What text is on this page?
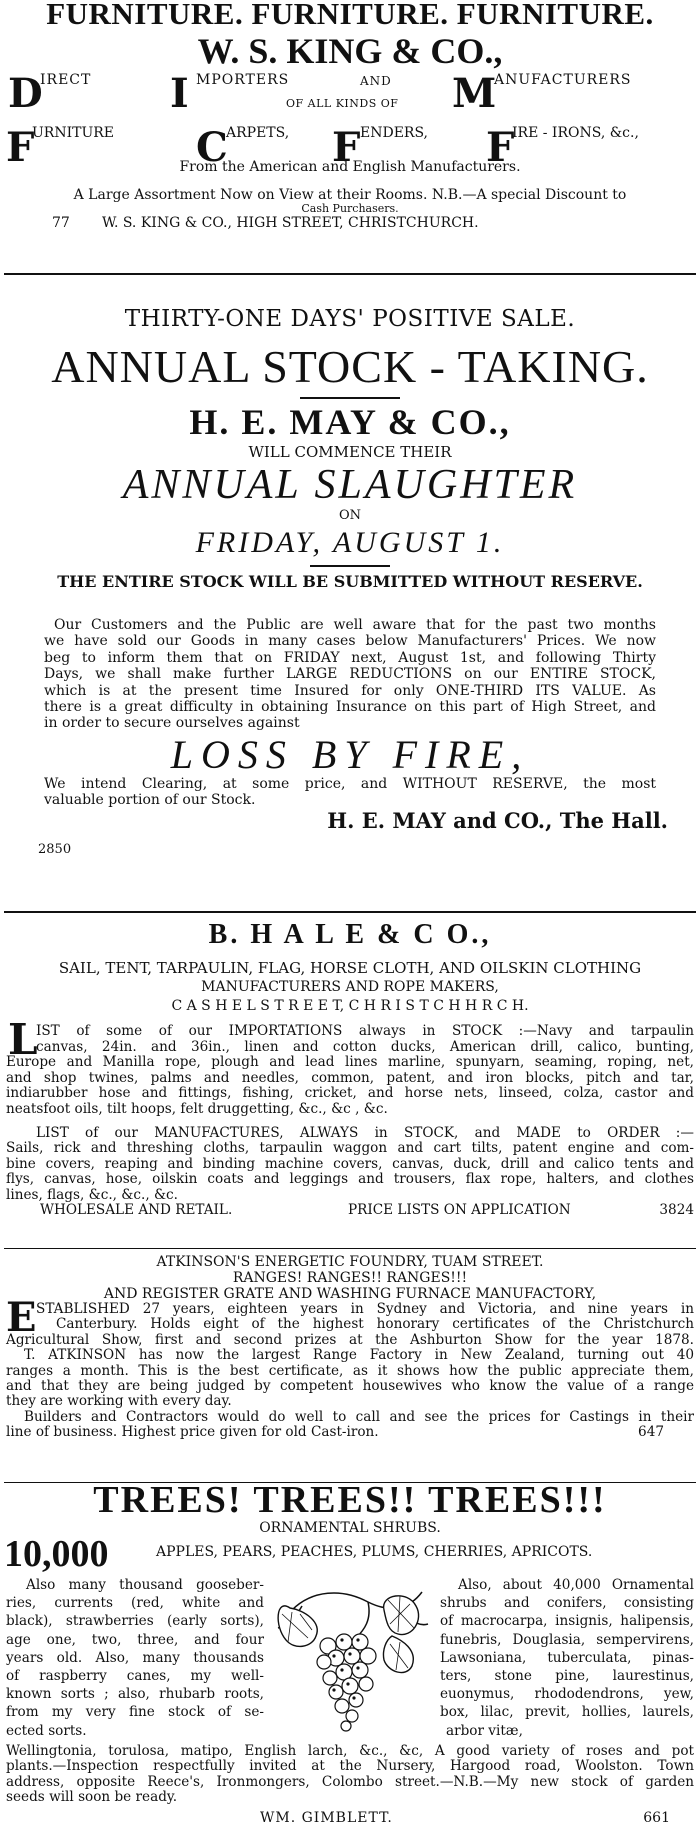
FURNITURE. FURNITURE. FURNITURE.
W. S. KING & CO.,
D
IRECT I MPORTERS	AND M
ANUFACTURERS
OF ALL KINDS OF
F
URNITURE C
ARPETS, F ENDERS, F
IRE - IRONS, &c.,
From the American and English Manufacturers.
A Large Assortment Now on View at their Rooms. N.B.—A special Discount to
Cash Purchasers.
77 W. S. KING & CO., HIGH STREET, CHRISTCHURCH.
THIRTY-ONE DAYS' POSITIVE SALE.
ANNUAL STOCK - TAKING.
H. E. MAY & CO.,
WILL COMMENCE THEIR
ANNUAL SLAUGHTER
ON
FRIDAY, AUGUST 1.
THE ENTIRE STOCK WILL BE SUBMITTED WITHOUT RESERVE.
Our Customers and the Public are well aware that for the past two months
we have sold our Goods in many cases below Manufacturers' Prices. We now
beg to inform them that on FRIDAY next, August 1st, and following Thirty
Days, we shall make further LARGE REDUCTIONS on our ENTIRE STOCK,
which is at the present time Insured for only ONE-THIRD ITS VALUE. As
there is a great difficulty in obtaining Insurance on this part of High Street, and
in order to secure ourselves against
LOSS BY FIRE,
We intend Clearing, at some price, and WITHOUT RESERVE, the most
valuable portion of our Stock.
H. E. MAY and CO., The Hall.
2850
B. H A L E & C O.,
SAIL, TENT, TARPAULIN, FLAG, HORSE CLOTH, AND OILSKIN CLOTHING
MANUFACTURERS AND ROPE MAKERS,
C A S H E L S T R E E T, C H R I S T C H H R C H.
L
IST of some of our IMPORTATIONS always in STOCK :—Navy and tarpaulin
canvas, 24in. and 36in., linen and cotton ducks, American drill, calico, bunting,
Europe and Manilla rope, plough and lead lines marline, spunyarn, seaming, roping, net,
and shop twines, palms and needles, common, patent, and iron blocks, pitch and tar,
indiarubber hose and fittings, fishing, cricket, and horse nets, linseed, colza, castor and
neatsfoot oils, tilt hoops, felt druggetting, &c., &c , &c.
LIST of our MANUFACTURES, ALWAYS in STOCK, and MADE to ORDER :—
Sails, rick and threshing cloths, tarpaulin waggon and cart tilts, patent engine and com-
bine covers, reaping and binding machine covers, canvas, duck, drill and calico tents and
flys, canvas, hose, oilskin coats and leggings and trousers, flax rope, halters, and clothes
lines, flags, &c., &c., &c.
WHOLESALE AND RETAIL.	PRICE LISTS ON APPLICATION	3824
ATKINSON'S ENERGETIC FOUNDRY, TUAM STREET.
RANGES! RANGES!! RANGES!!!
AND REGISTER GRATE AND WASHING FURNACE MANUFACTORY,
E STABLISHED 27 years, eighteen years in Sydney and Victoria, and nine years in
Canterbury. Holds eight of the highest honorary certificates of the Christchurch
Agricultural Show, first and second prizes at the Ashburton Show for the year 1878.
T. ATKINSON has now the largest Range Factory in New Zealand, turning out 40
ranges a month. This is the best certificate, as it shows how the public appreciate them,
and that they are being judged by competent housewives who know the value of a range
they are working with every day.
Builders and Contractors would do well to call and see the prices for Castings in their
line of business. Highest price given for old Cast-iron.	647
TREES! TREES!! TREES!!!
ORNAMENTAL SHRUBS.
10,000	APPLES, PEARS, PEACHES, PLUMS, CHERRIES, APRICOTS.
Also many thousand gooseber-
ries, currents (red, white and
black), strawberries (early sorts),
age one, two, three, and four
years old. Also, many thousands
of raspberry canes, my well-
known sorts ; also, rhubarb roots,
from my very fine stock of se-
ected sorts.
Also, about 40,000 Ornamental
shrubs and conifers, consisting
of macrocarpa, insignis, halipensis,
funebris, Douglasia, sempervirens,
Lawsoniana, tuberculata, pinas-
ters, stone pine, laurestinus,
euonymus, rhododendrons, yew,
box, lilac, previt, hollies, laurels,
arbor vitæ,
Wellingtonia, torulosa, matipo, English larch, &c., &c, A good variety of roses and pot
plants.—Inspection respectfully invited at the Nursery, Hargood road, Woolston. Town
address, opposite Reece's, Ironmongers, Colombo street.—N.B.—My new stock of garden
seeds will soon be ready.
WM. GIMBLETT.	661
